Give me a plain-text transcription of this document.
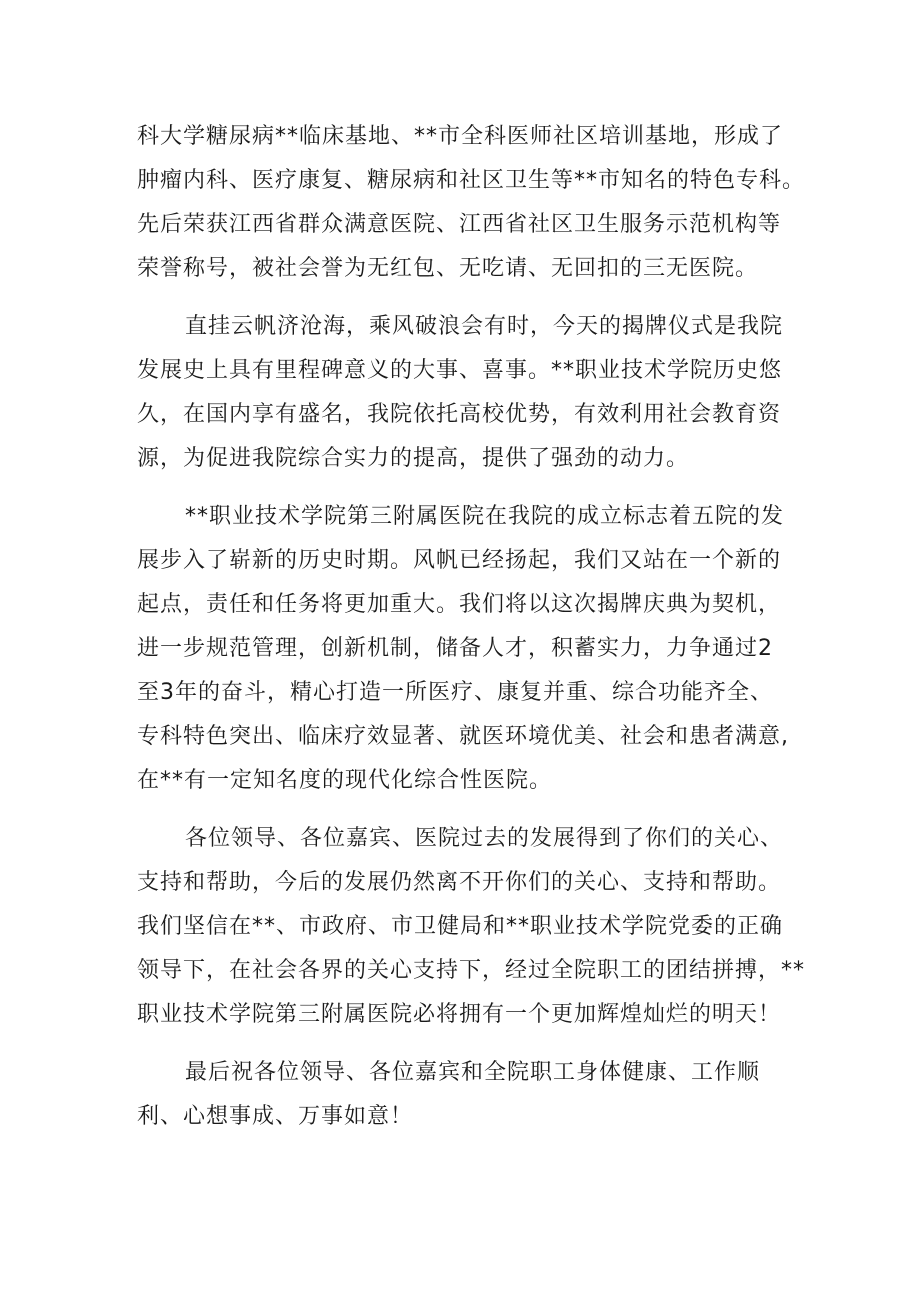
科大学糖尿病**临床基地、**市全科医师社区培训基地，形成了
肿瘤内科、医疗康复、糖尿病和社区卫生等**市知名的特色专科。
先后荣获江西省群众满意医院、江西省社区卫生服务示范机构等
荣誉称号，被社会誉为无红包、无吃请、无回扣的三无医院。
直挂云帆济沧海，乘风破浪会有时，今天的揭牌仪式是我院
发展史上具有里程碑意义的大事、喜事。**职业技术学院历史悠
久，在国内享有盛名，我院依托高校优势，有效利用社会教育资
源，为促进我院综合实力的提高，提供了强劲的动力。
**职业技术学院第三附属医院在我院的成立标志着五院的发
展步入了崭新的历史时期。风帆已经扬起，我们又站在一个新的
起点，责任和任务将更加重大。我们将以这次揭牌庆典为契机，
进一步规范管理，创新机制，储备人才，积蓄实力，力争通过2
至3年的奋斗，精心打造一所医疗、康复并重、综合功能齐全、
专科特色突出、临床疗效显著、就医环境优美、社会和患者满意,
在**有一定知名度的现代化综合性医院。
各位领导、各位嘉宾、医院过去的发展得到了你们的关心、
支持和帮助，今后的发展仍然离不开你们的关心、支持和帮助。
我们坚信在**、市政府、市卫健局和**职业技术学院党委的正确
领导下，在社会各界的关心支持下，经过全院职工的团结拼搏，**
职业技术学院第三附属医院必将拥有一个更加辉煌灿烂的明天！
最后祝各位领导、各位嘉宾和全院职工身体健康、工作顺
利、心想事成、万事如意！
